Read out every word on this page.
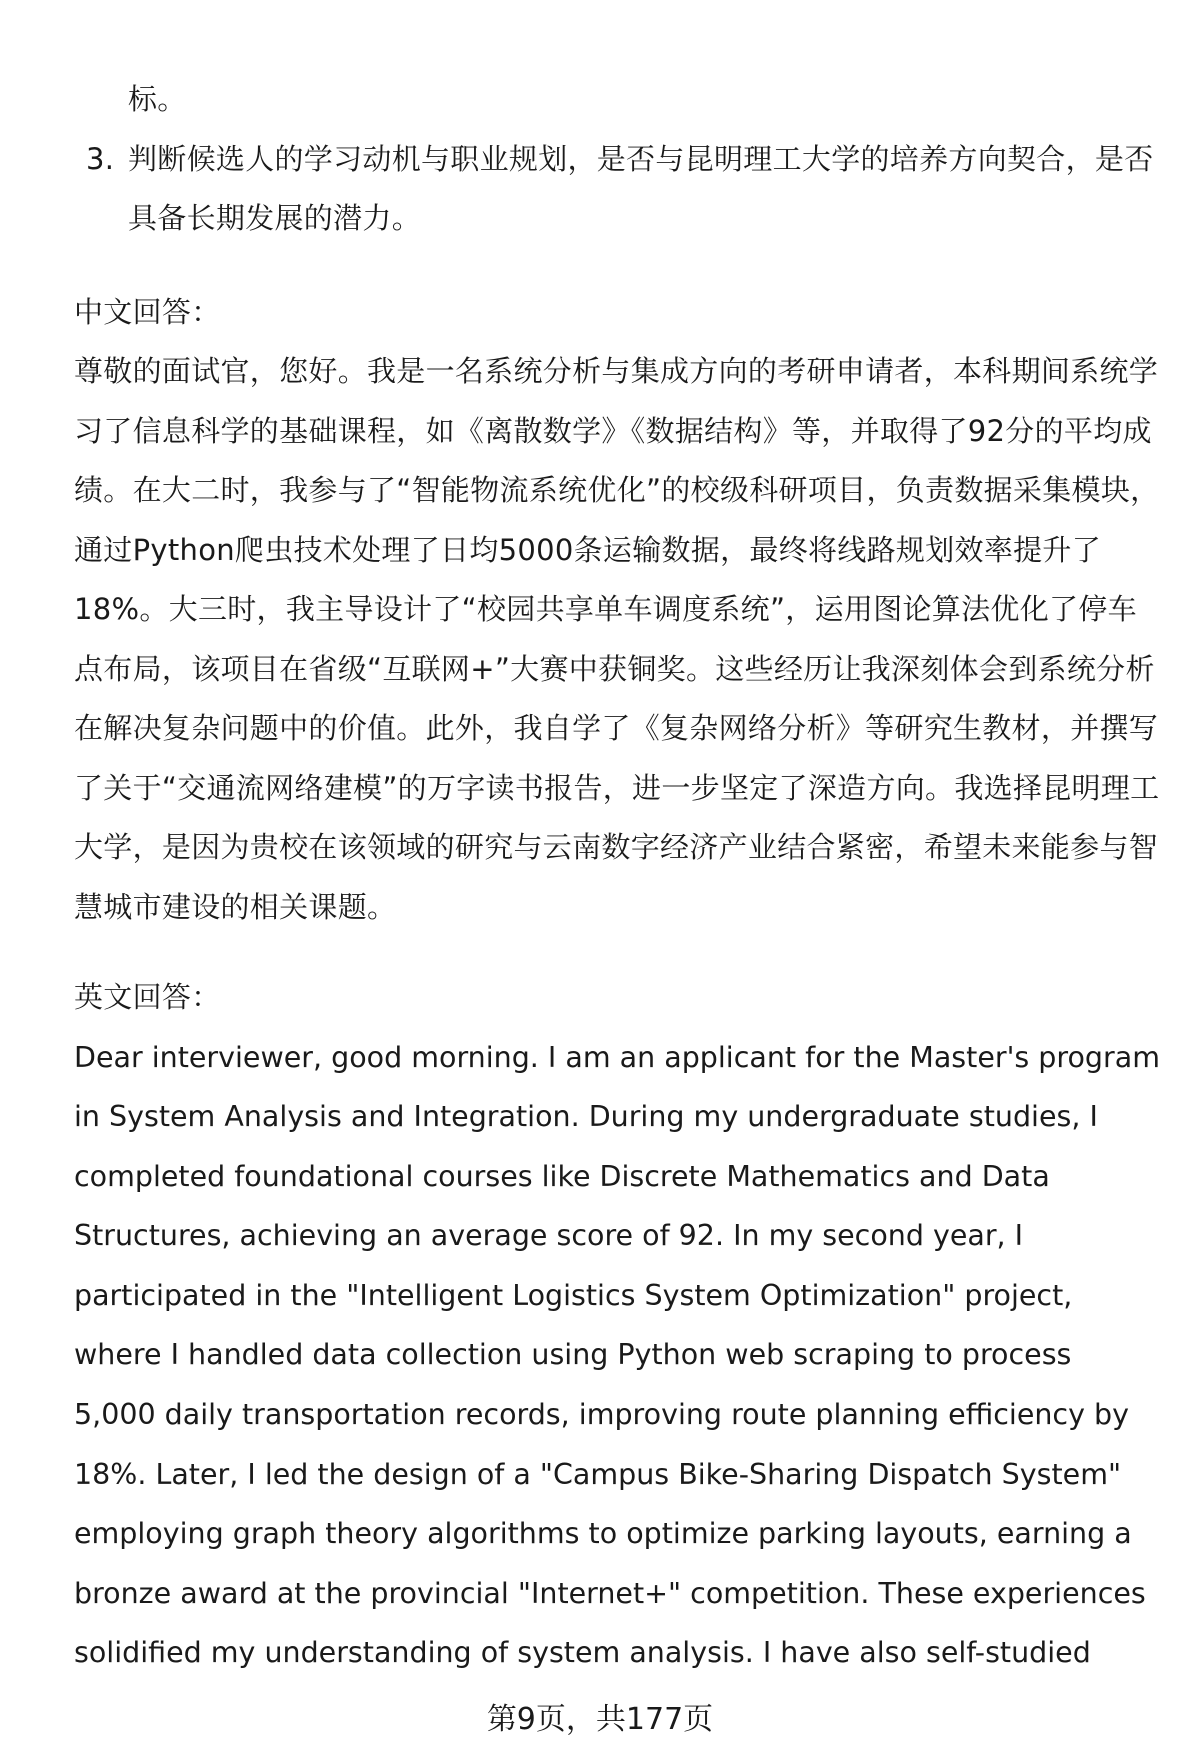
标。

3. 判断候选人的学习动机与职业规划，是否与昆明理工大学的培养方向契合，是否具备长期发展的潜力。

中文回答：

尊敬的面试官，您好。我是一名系统分析与集成方向的考研申请者，本科期间系统学习了信息科学的基础课程，如《离散数学》《数据结构》等，并取得了92分的平均成绩。在大二时，我参与了“智能物流系统优化”的校级科研项目，负责数据采集模块，通过Python爬虫技术处理了日均5000条运输数据，最终将线路规划效率提升了18%。大三时，我主导设计了“校园共享单车调度系统”，运用图论算法优化了停车点布局，该项目在省级“互联网+”大赛中获铜奖。这些经历让我深刻体会到系统分析在解决复杂问题中的价值。此外，我自学了《复杂网络分析》等研究生教材，并撰写了关于“交通流网络建模”的万字读书报告，进一步坚定了深造方向。我选择昆明理工大学，是因为贵校在该领域的研究与云南数字经济产业结合紧密，希望未来能参与智慧城市建设的相关课题。

英文回答：

Dear interviewer, good morning. I am an applicant for the Master's program in System Analysis and Integration. During my undergraduate studies, I completed foundational courses like Discrete Mathematics and Data Structures, achieving an average score of 92. In my second year, I participated in the "Intelligent Logistics System Optimization" project, where I handled data collection using Python web scraping to process 5,000 daily transportation records, improving route planning efficiency by 18%. Later, I led the design of a "Campus Bike-Sharing Dispatch System" employing graph theory algorithms to optimize parking layouts, earning a bronze award at the provincial "Internet+" competition. These experiences solidified my understanding of system analysis. I have also self-studied

第9页，共177页
